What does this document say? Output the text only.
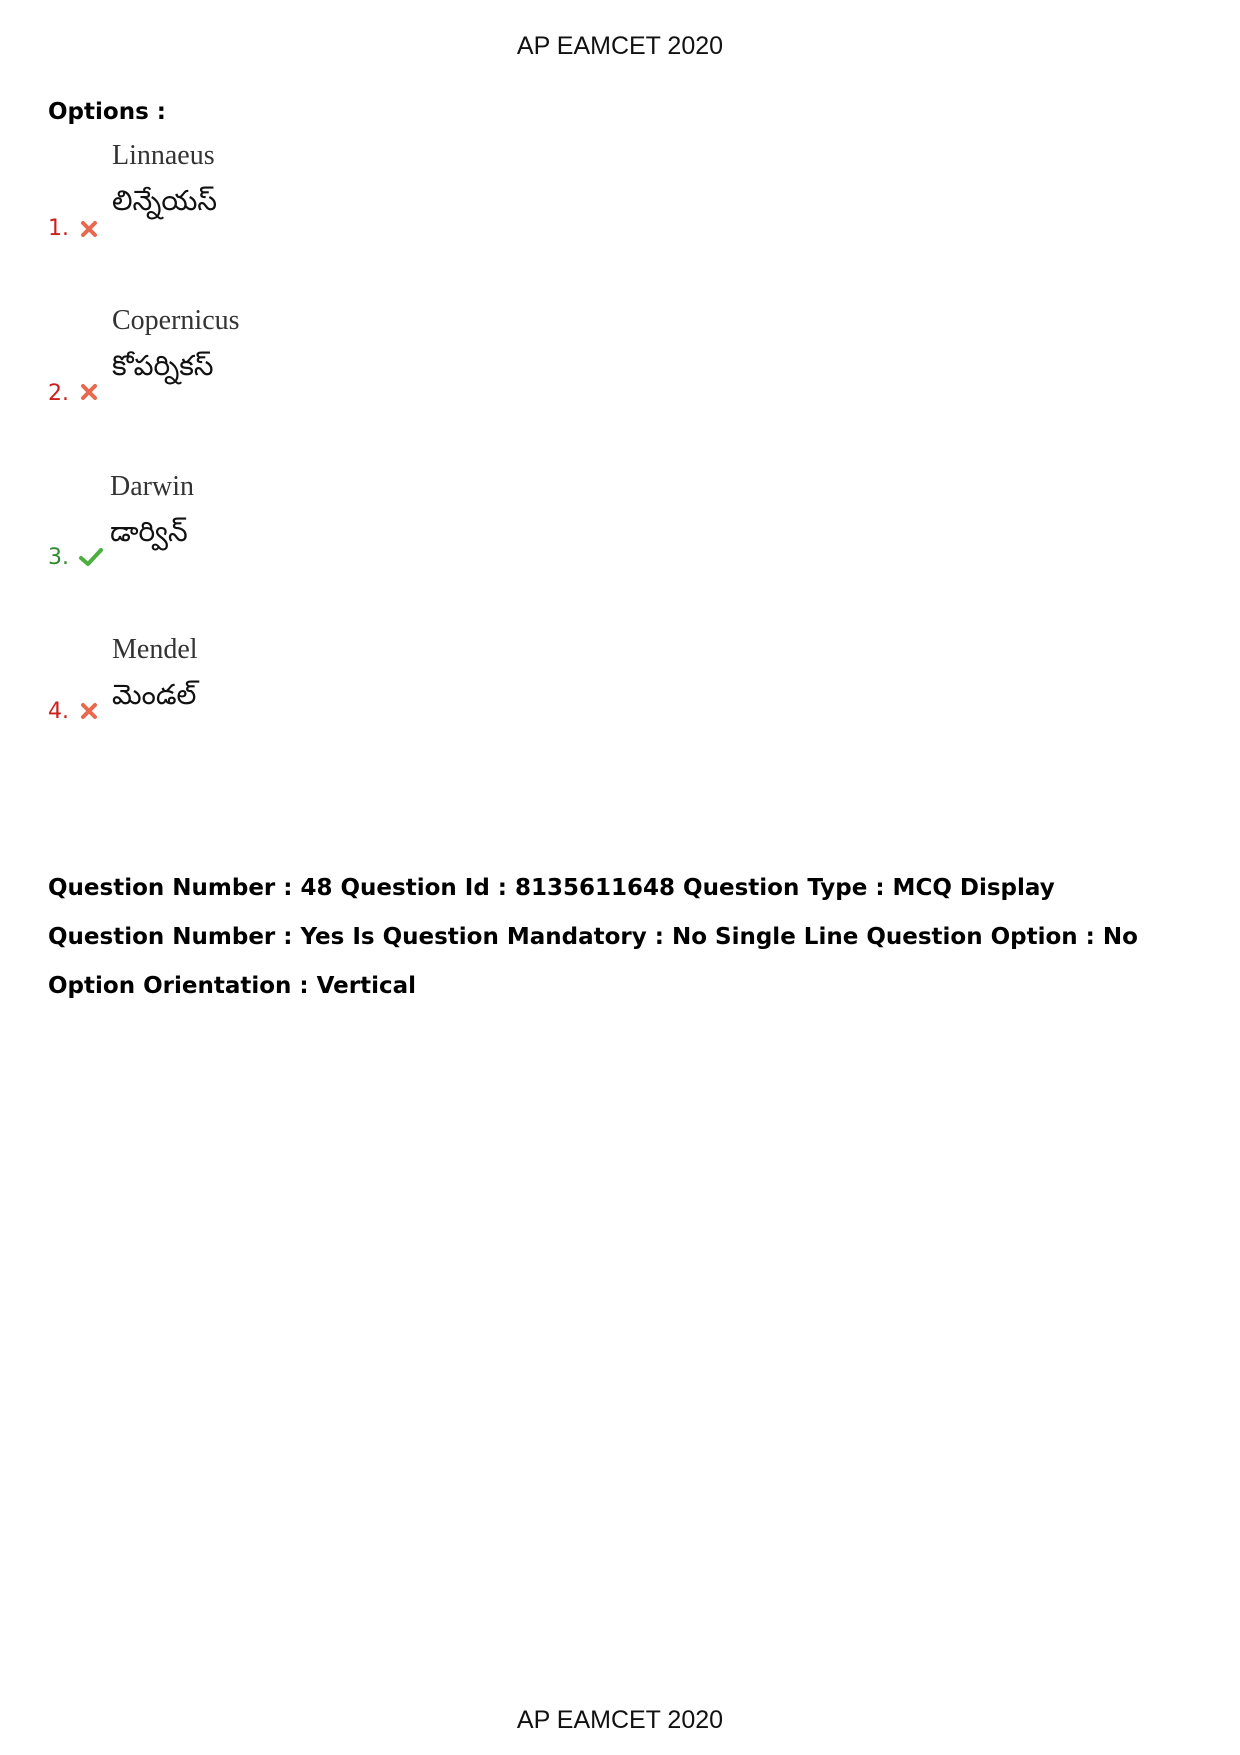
AP EAMCET 2020
Options :
Linnaeus
లిన్నేయస్
1.
Copernicus
కోపర్నికస్
2.
Darwin
డార్విన్
3.
Mendel
మెండల్
4.
Question Number : 48 Question Id : 8135611648 Question Type : MCQ Display Question Number : Yes Is Question Mandatory : No Single Line Question Option : No Option Orientation : Vertical
AP EAMCET 2020
